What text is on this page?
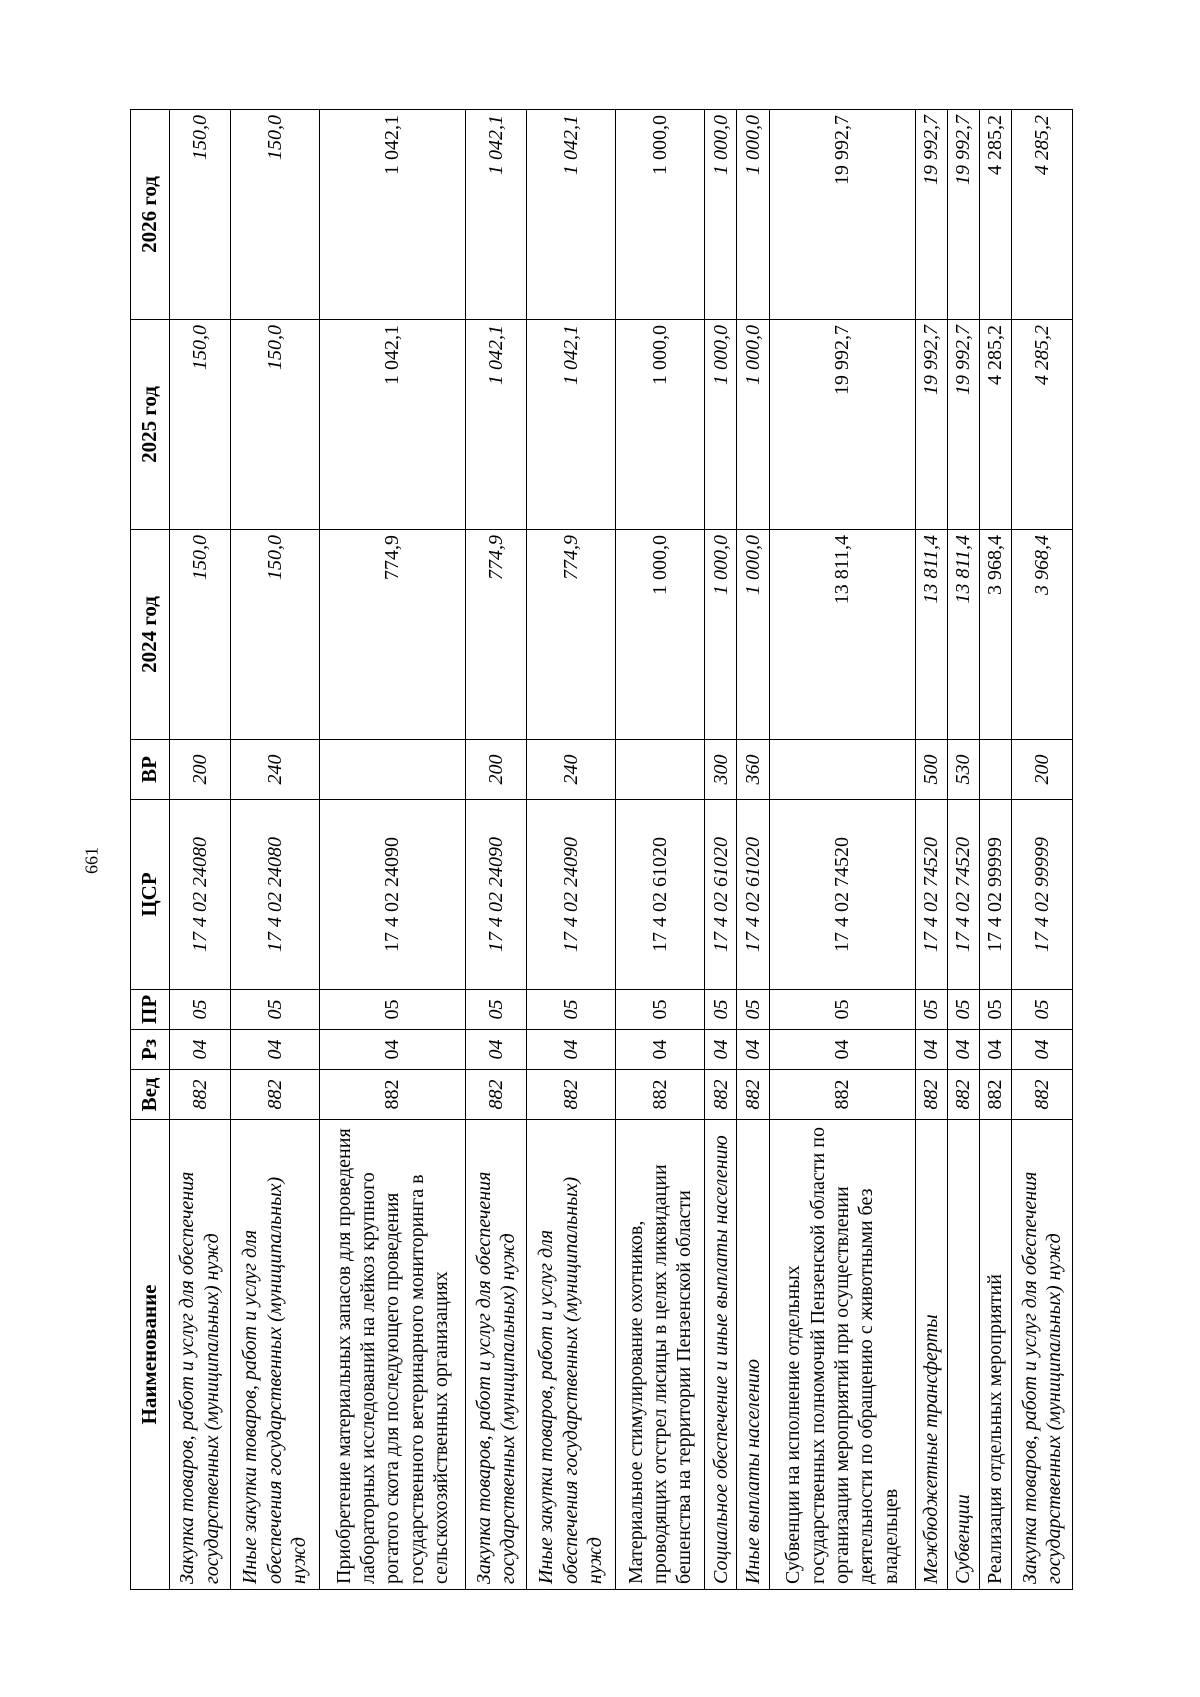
661
Наименование	Вед	Рз	ПР	ЦСР	ВР	2024 год	2025 год	2026 год
Закупка товаров, работ и услуг для обеспечения государственных (муниципальных) нужд	882	04	05	17 4 02 24080	200	150,0	150,0	150,0
Иные закупки товаров, работ и услуг для обеспечения государственных (муниципальных) нужд	882	04	05	17 4 02 24080	240	150,0	150,0	150,0
Приобретение материальных запасов для проведения лабораторных исследований на лейкоз крупного рогатого скота для последующего проведения государственного ветеринарного мониторинга в сельскохозяйственных организациях	882	04	05	17 4 02 24090		774,9	1 042,1	1 042,1
Закупка товаров, работ и услуг для обеспечения государственных (муниципальных) нужд	882	04	05	17 4 02 24090	200	774,9	1 042,1	1 042,1
Иные закупки товаров, работ и услуг для обеспечения государственных (муниципальных) нужд	882	04	05	17 4 02 24090	240	774,9	1 042,1	1 042,1
Материальное стимулирование охотников, проводящих отстрел лисицы в целях ликвидации бешенства на территории Пензенской области	882	04	05	17 4 02 61020		1 000,0	1 000,0	1 000,0
Социальное обеспечение и иные выплаты населению	882	04	05	17 4 02 61020	300	1 000,0	1 000,0	1 000,0
Иные выплаты населению	882	04	05	17 4 02 61020	360	1 000,0	1 000,0	1 000,0
Субвенции на исполнение отдельных государственных полномочий Пензенской области по организации мероприятий при осуществлении деятельности по обращению с животными без владельцев	882	04	05	17 4 02 74520		13 811,4	19 992,7	19 992,7
Межбюджетные трансферты	882	04	05	17 4 02 74520	500	13 811,4	19 992,7	19 992,7
Субвенции	882	04	05	17 4 02 74520	530	13 811,4	19 992,7	19 992,7
Реализация отдельных мероприятий	882	04	05	17 4 02 99999		3 968,4	4 285,2	4 285,2
Закупка товаров, работ и услуг для обеспечения государственных (муниципальных) нужд	882	04	05	17 4 02 99999	200	3 968,4	4 285,2	4 285,2
